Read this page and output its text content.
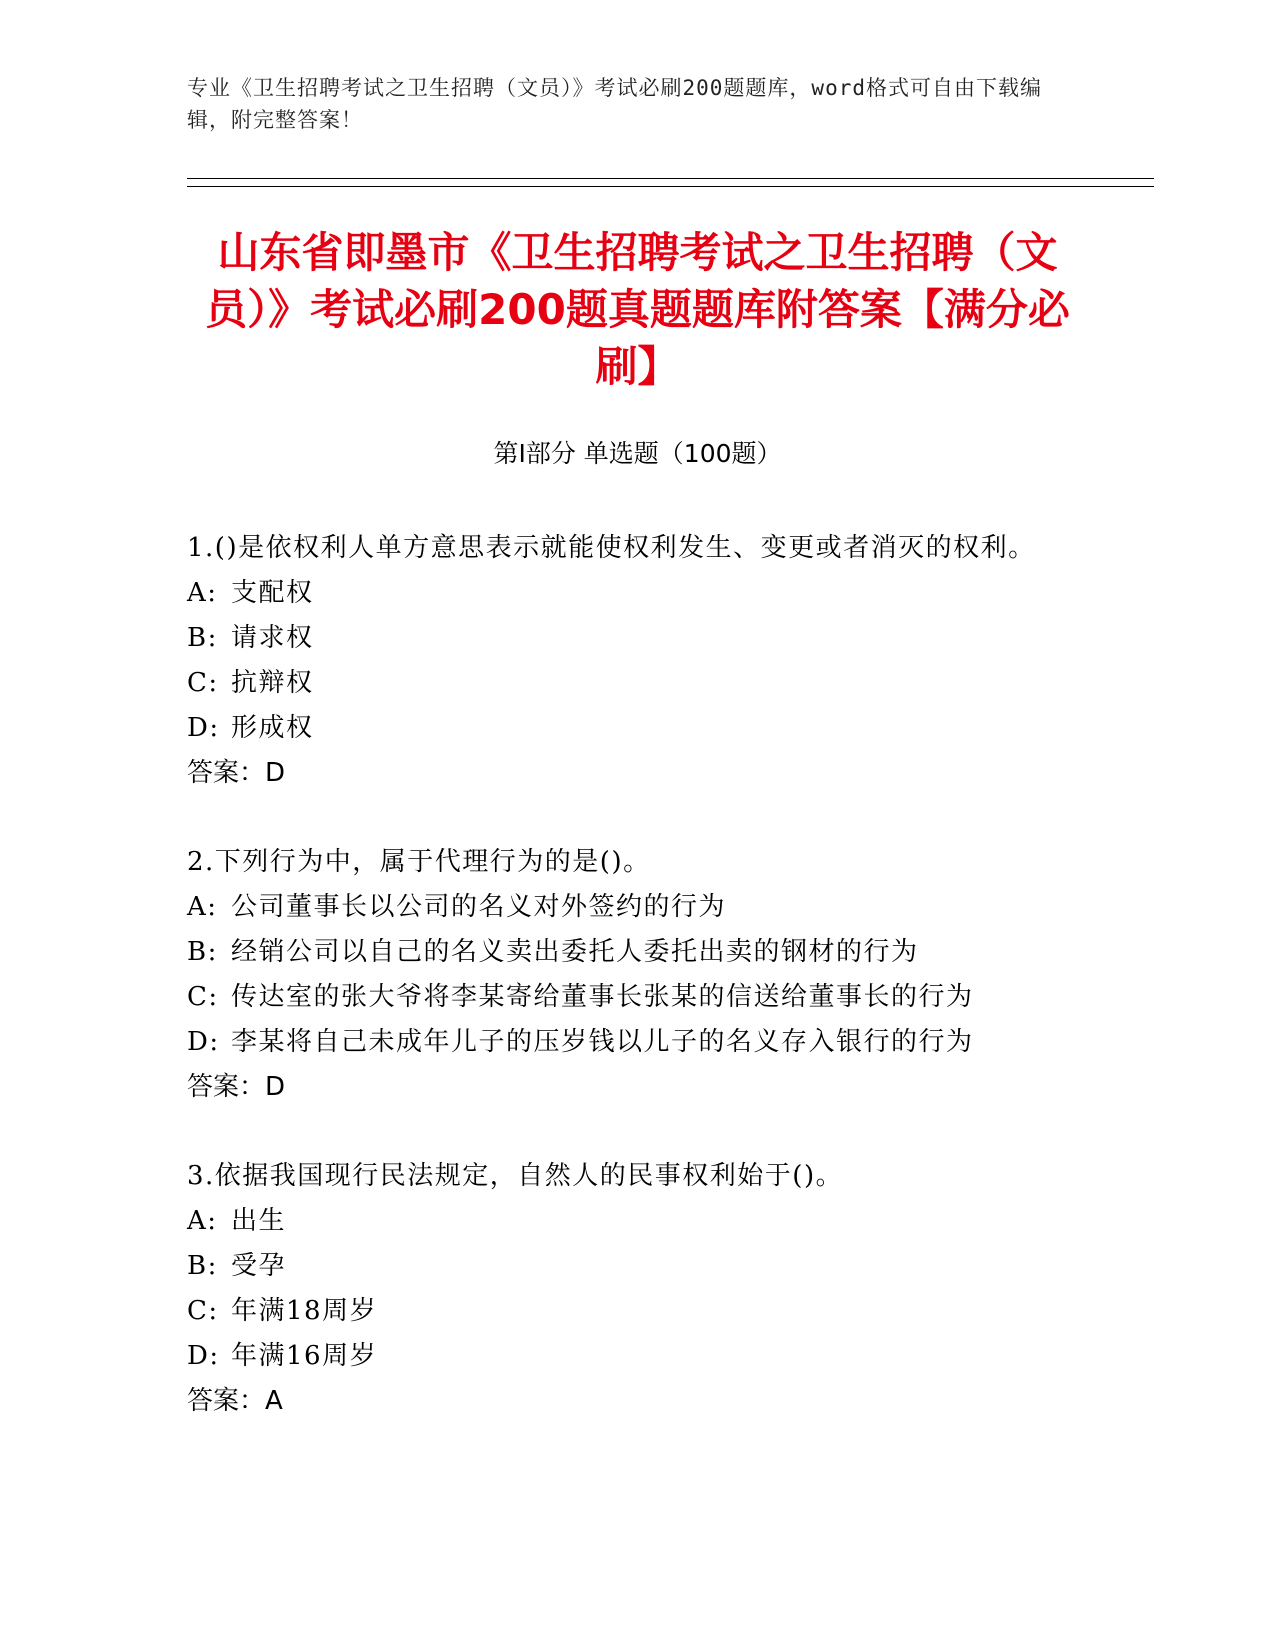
专业《卫生招聘考试之卫生招聘（文员）》考试必刷200题题库，word格式可自由下载编辑，附完整答案！
山东省即墨市《卫生招聘考试之卫生招聘（文员）》考试必刷200题真题题库附答案【满分必刷】
第Ⅰ部分 单选题（100题）

1.()是依权利人单方意思表示就能使权利发生、变更或者消灭的权利。

A: 支配权

B: 请求权

C: 抗辩权

D: 形成权

答案：D

2.下列行为中，属于代理行为的是()。

A: 公司董事长以公司的名义对外签约的行为

B: 经销公司以自己的名义卖出委托人委托出卖的钢材的行为

C: 传达室的张大爷将李某寄给董事长张某的信送给董事长的行为

D: 李某将自己未成年儿子的压岁钱以儿子的名义存入银行的行为

答案：D

3.依据我国现行民法规定，自然人的民事权利始于()。

A: 出生

B: 受孕

C: 年满18周岁

D: 年满16周岁

答案：A
